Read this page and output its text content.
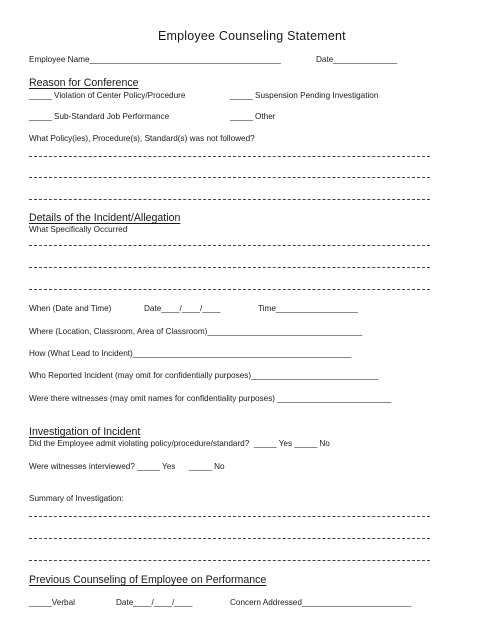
Employee Counseling Statement
Employee Name__________________________________________	Date______________
Reason for Conference
_____ Violation of Center Policy/Procedure	_____ Suspension Pending Investigation
_____ Sub-Standard Job Performance	_____ Other
What Policy(ies), Procedure(s), Standard(s) was not followed?
Details of the Incident/Allegation
What Specifically Occurred
When (Date and Time)	Date____/____/____	Time__________________
Where (Location, Classroom, Area of Classroom)__________________________________
How (What Lead to Incident)________________________________________________
Who Reported Incident (may omit for confidentially purposes)____________________________
Were there witnesses (may omit names for confidentiality purposes) _________________________
Investigation of Incident
Did the Employee admit violating policy/procedure/standard?  _____ Yes _____ No
Were witnesses interviewed? _____ Yes      _____ No
Summary of Investigation:
Previous Counseling of Employee on Performance
_____Verbal	Date____/____/____	Concern Addressed________________________
